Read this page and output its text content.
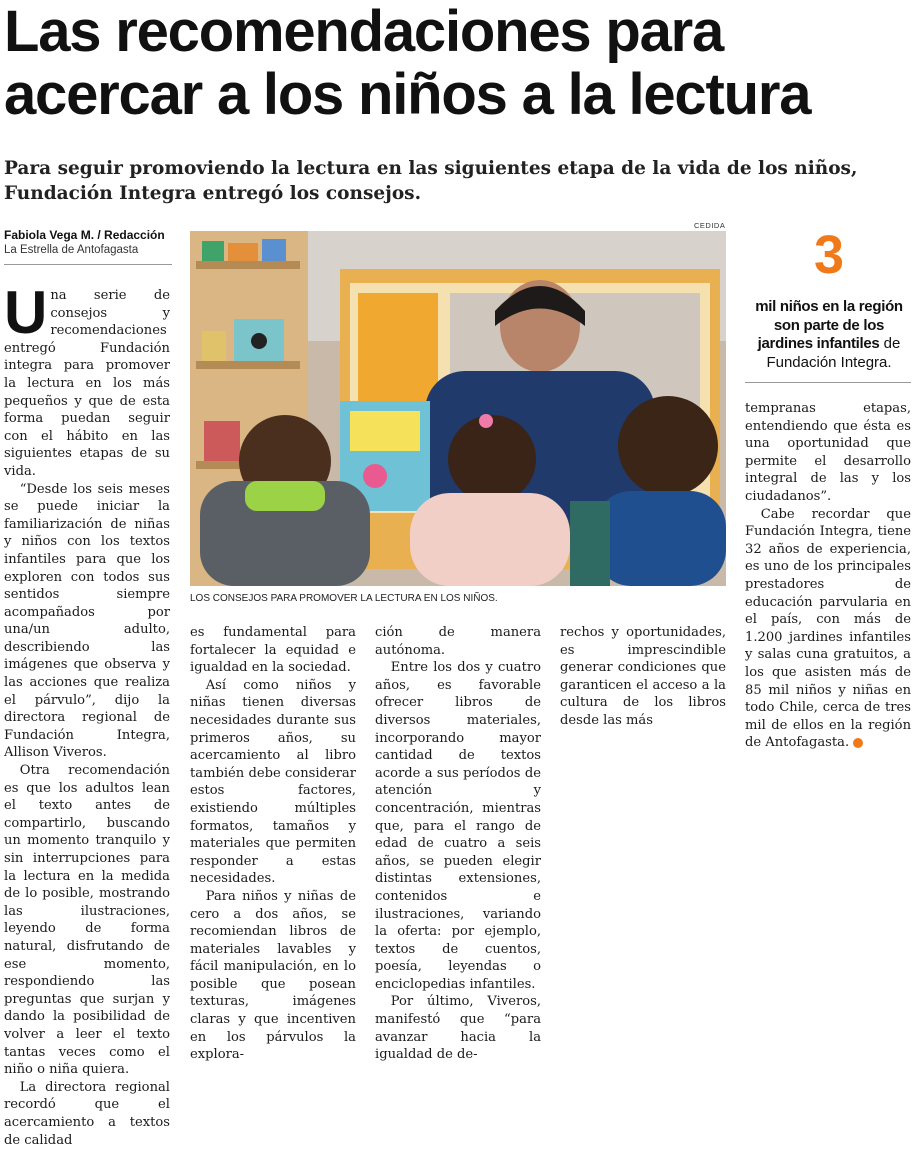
Las recomendaciones para acercar a los niños a la lectura

Para seguir promoviendo la lectura en las siguientes etapa de la vida de los niños, Fundación Integra entregó los consejos.

Fabiola Vega M. / Redacción
La Estrella de Antofagasta
CEDIDA
LOS CONSEJOS PARA PROMOVER LA LECTURA EN LOS NIÑOS.

Una serie de consejos y recomendaciones entregó Fundación integra para promover la lectura en los más pequeños y que de esta forma puedan seguir con el hábito en las siguientes etapas de su vida.

“Desde los seis meses se puede iniciar la familiarización de niñas y niños con los textos infantiles para que los exploren con todos sus sentidos siempre acompañados por una/un adulto, describiendo las imágenes que observa y las acciones que realiza el párvulo”, dijo la directora regional de Fundación Integra, Allison Viveros.

Otra recomendación es que los adultos lean el texto antes de compartirlo, buscando un momento tranquilo y sin interrupciones para la lectura en la medida de lo posible, mostrando las ilustraciones, leyendo de forma natural, disfrutando de ese momento, respondiendo las preguntas que surjan y dando la posibilidad de volver a leer el texto tantas veces como el niño o niña quiera.

La directora regional recordó que el acercamiento a textos de calidad

es fundamental para fortalecer la equidad e igualdad en la sociedad.

Así como niños y niñas tienen diversas necesidades durante sus primeros años, su acercamiento al libro también debe considerar estos factores, existiendo múltiples formatos, tamaños y materiales que permiten responder a estas necesidades.

Para niños y niñas de cero a dos años, se recomiendan libros de materiales lavables y fácil manipulación, en lo posible que posean texturas, imágenes claras y que incentiven en los párvulos la explora-

ción de manera autónoma.

Entre los dos y cuatro años, es favorable ofrecer libros de diversos materiales, incorporando mayor cantidad de textos acorde a sus períodos de atención y concentración, mientras que, para el rango de edad de cuatro a seis años, se pueden elegir distintas extensiones, contenidos e ilustraciones, variando la oferta: por ejemplo, textos de cuentos, poesía, leyendas o enciclopedias infantiles.

Por último, Viveros, manifestó que “para avanzar hacia la igualdad de de-

rechos y oportunidades, es imprescindible generar condiciones que garanticen el acceso a la cultura de los libros desde las más

3
mil niños en la región son parte de los jardines infantiles de Fundación Integra.

tempranas etapas, entendiendo que ésta es una oportunidad que permite el desarrollo integral de las y los ciudadanos”.

Cabe recordar que Fundación Integra, tiene 32 años de experiencia, es uno de los principales prestadores de educación parvularia en el país, con más de 1.200 jardines infantiles y salas cuna gratuitos, a los que asisten más de 85 mil niños y niñas en todo Chile, cerca de tres mil de ellos en la región de Antofagasta. ✪
